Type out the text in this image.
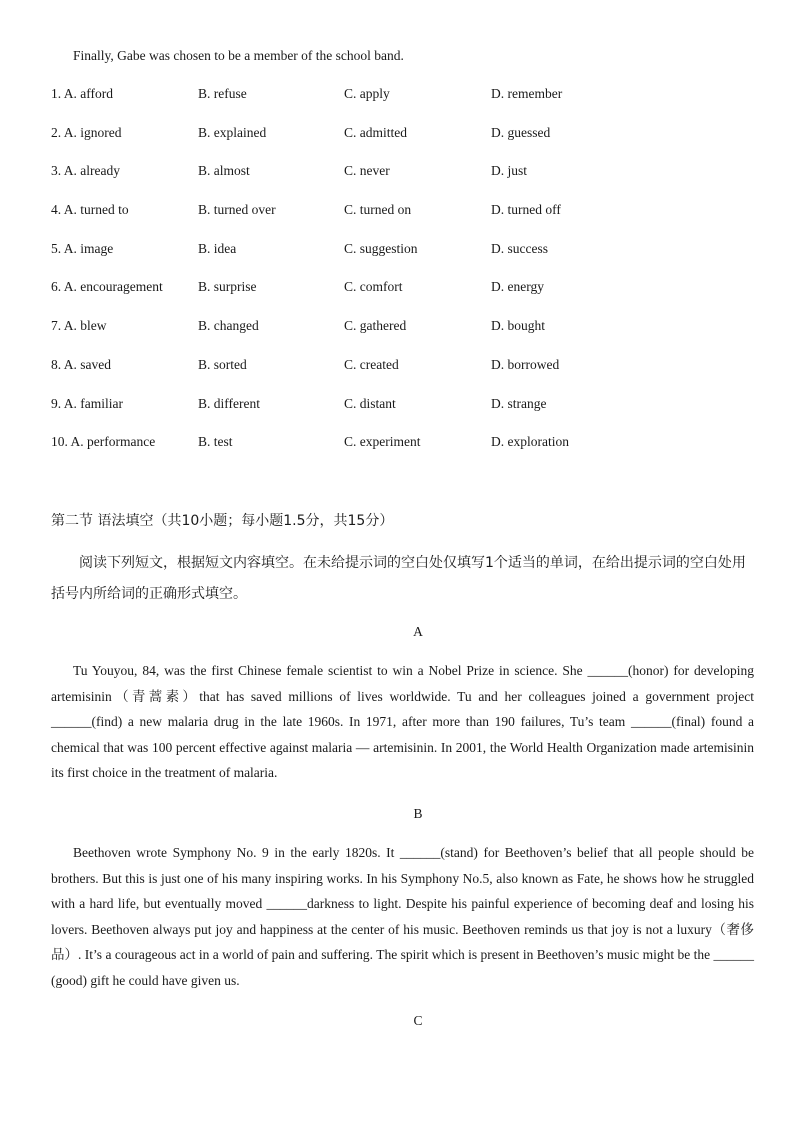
Finally, Gabe was chosen to be a member of the school band.
1. A. afford	B. refuse	C. apply	D. remember
2. A. ignored	B. explained	C. admitted	D. guessed
3. A. already	B. almost	C. never	D. just
4. A. turned to	B. turned over	C. turned on	D. turned off
5. A. image	B. idea	C. suggestion	D. success
6. A. encouragement	B. surprise	C. comfort	D. energy
7. A. blew	B. changed	C. gathered	D. bought
8. A. saved	B. sorted	C. created	D. borrowed
9. A. familiar	B. different	C. distant	D. strange
10. A. performance	B. test	C. experiment	D. exploration
第二节 语法填空（共10小题；每小题1.5分，共15分）
阅读下列短文，根据短文内容填空。在未给提示词的空白处仅填写1个适当的单词，在给出提示词的空白处用括号内所给词的正确形式填空。
A
Tu Youyou, 84, was the first Chinese female scientist to win a Nobel Prize in science. She ______(honor) for developing artemisinin（青蒿素）that has saved millions of lives worldwide. Tu and her colleagues joined a government project ______(find) a new malaria drug in the late 1960s. In 1971, after more than 190 failures, Tu’s team ______(final) found a chemical that was 100 percent effective against malaria — artemisinin. In 2001, the World Health Organization made artemisinin its first choice in the treatment of malaria.
B
Beethoven wrote Symphony No. 9 in the early 1820s. It ______(stand) for Beethoven’s belief that all people should be brothers. But this is just one of his many inspiring works. In his Symphony No.5, also known as Fate, he shows how he struggled with a hard life, but eventually moved ______darkness to light. Despite his painful experience of becoming deaf and losing his lovers. Beethoven always put joy and happiness at the center of his music. Beethoven reminds us that joy is not a luxury（奢侈品）. It’s a courageous act in a world of pain and suffering. The spirit which is present in Beethoven’s music might be the ______ (good) gift he could have given us.
C
